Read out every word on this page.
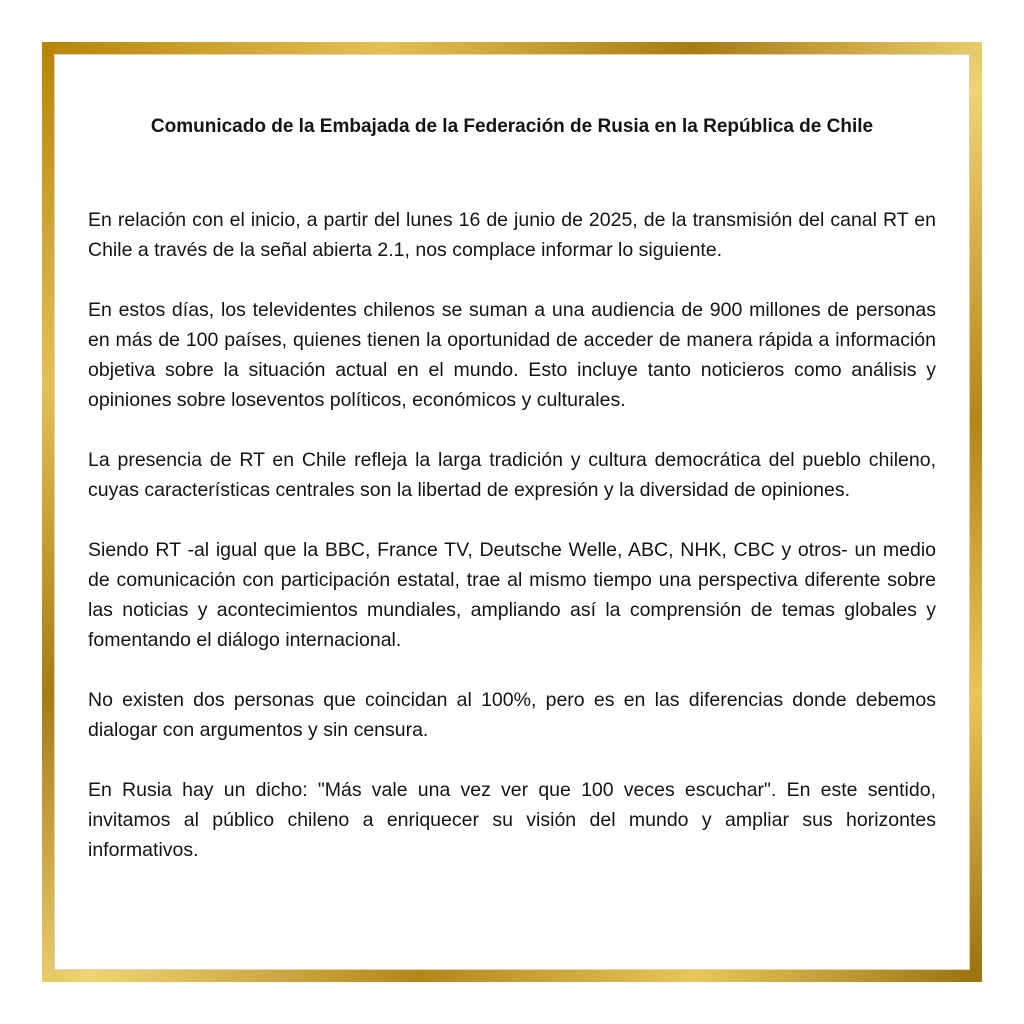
Comunicado de la Embajada de la Federación de Rusia en la República de Chile

En relación con el inicio, a partir del lunes 16 de junio de 2025, de la transmisión del canal RT en Chile a través de la señal abierta 2.1, nos complace informar lo siguiente.

En estos días, los televidentes chilenos se suman a una audiencia de 900 millones de personas en más de 100 países, quienes tienen la oportunidad de acceder de manera rápida a información objetiva sobre la situación actual en el mundo. Esto incluye tanto noticieros como análisis y opiniones sobre loseventos políticos, económicos y culturales.

La presencia de RT en Chile refleja la larga tradición y cultura democrática del pueblo chileno, cuyas características centrales son la libertad de expresión y la diversidad de opiniones.

Siendo RT -al igual que la BBC, France TV, Deutsche Welle, ABC, NHK, CBC y otros- un medio de comunicación con participación estatal, trae al mismo tiempo una perspectiva diferente sobre las noticias y acontecimientos mundiales, ampliando así la comprensión de temas globales y fomentando el diálogo internacional.

No existen dos personas que coincidan al 100%, pero es en las diferencias donde debemos dialogar con argumentos y sin censura.

En Rusia hay un dicho: "Más vale una vez ver que 100 veces escuchar". En este sentido, invitamos al público chileno a enriquecer su visión del mundo y ampliar sus horizontes informativos.
